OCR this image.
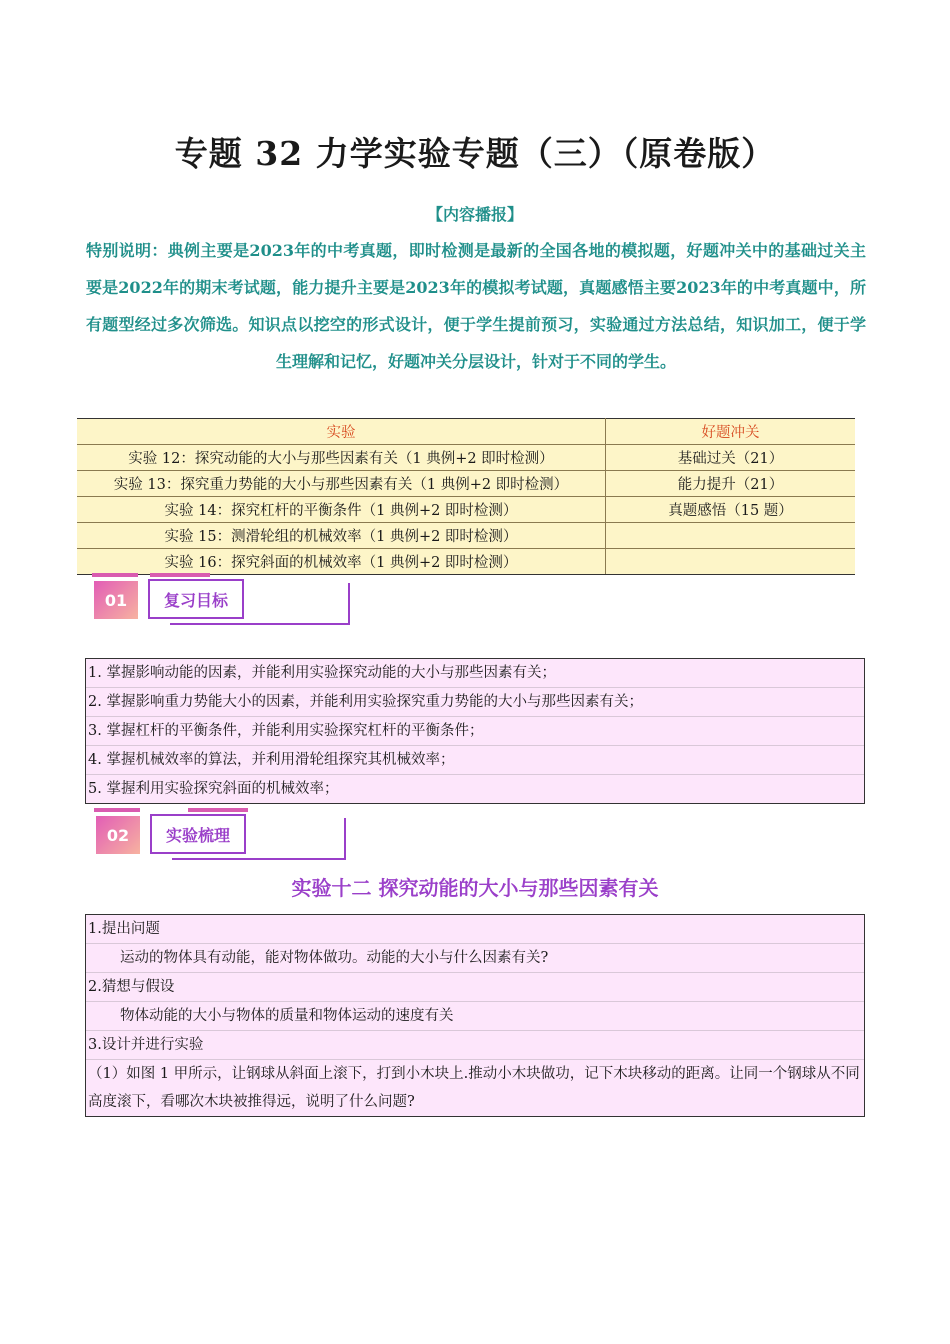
专题 32 力学实验专题（三）（原卷版）
【内容播报】
特别说明：典例主要是2023年的中考真题，即时检测是最新的全国各地的模拟题，好题冲关中的基础过关主要是2022年的期末考试题，能力提升主要是2023年的模拟考试题，真题感悟主要2023年的中考真题中，所有题型经过多次筛选。知识点以挖空的形式设计，便于学生提前预习，实验通过方法总结，知识加工，便于学生理解和记忆，好题冲关分层设计，针对于不同的学生。
实验	好题冲关
实验 12：探究动能的大小与那些因素有关（1 典例+2 即时检测）	基础过关（21）
实验 13：探究重力势能的大小与那些因素有关（1 典例+2 即时检测）	能力提升（21）
实验 14：探究杠杆的平衡条件（1 典例+2 即时检测）	真题感悟（15 题）
实验 15：测滑轮组的机械效率（1 典例+2 即时检测）	
实验 16：探究斜面的机械效率（1 典例+2 即时检测）	
01	复习目标
1. 掌握影响动能的因素，并能利用实验探究动能的大小与那些因素有关；
2. 掌握影响重力势能大小的因素，并能利用实验探究重力势能的大小与那些因素有关；
3. 掌握杠杆的平衡条件，并能利用实验探究杠杆的平衡条件；
4. 掌握机械效率的算法，并利用滑轮组探究其机械效率；
5. 掌握利用实验探究斜面的机械效率；
02	实验梳理
实验十二 探究动能的大小与那些因素有关
1.提出问题
运动的物体具有动能，能对物体做功。动能的大小与什么因素有关?
2.猜想与假设
物体动能的大小与物体的质量和物体运动的速度有关
3.设计并进行实验
（1）如图 1 甲所示，让钢球从斜面上滚下，打到小木块上.推动小木块做功，记下木块移动的距离。让同一个钢球从不同高度滚下，看哪次木块被推得远，说明了什么问题?
